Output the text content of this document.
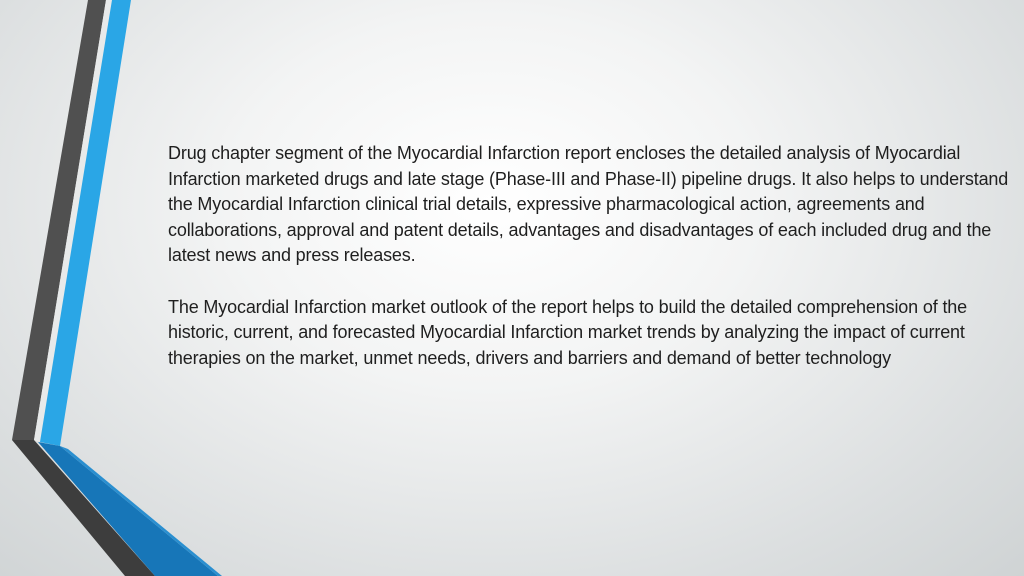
Drug chapter segment of the Myocardial Infarction report encloses the detailed analysis of Myocardial Infarction marketed drugs and late stage (Phase-III and Phase-II) pipeline drugs. It also helps to understand the Myocardial Infarction clinical trial details, expressive pharmacological action, agreements and collaborations, approval and patent details, advantages and disadvantages of each included drug and the latest news and press releases.

The Myocardial Infarction market outlook of the report helps to build the detailed comprehension of the historic, current, and forecasted Myocardial Infarction market trends by analyzing the impact of current therapies on the market, unmet needs, drivers and barriers and demand of better technology
